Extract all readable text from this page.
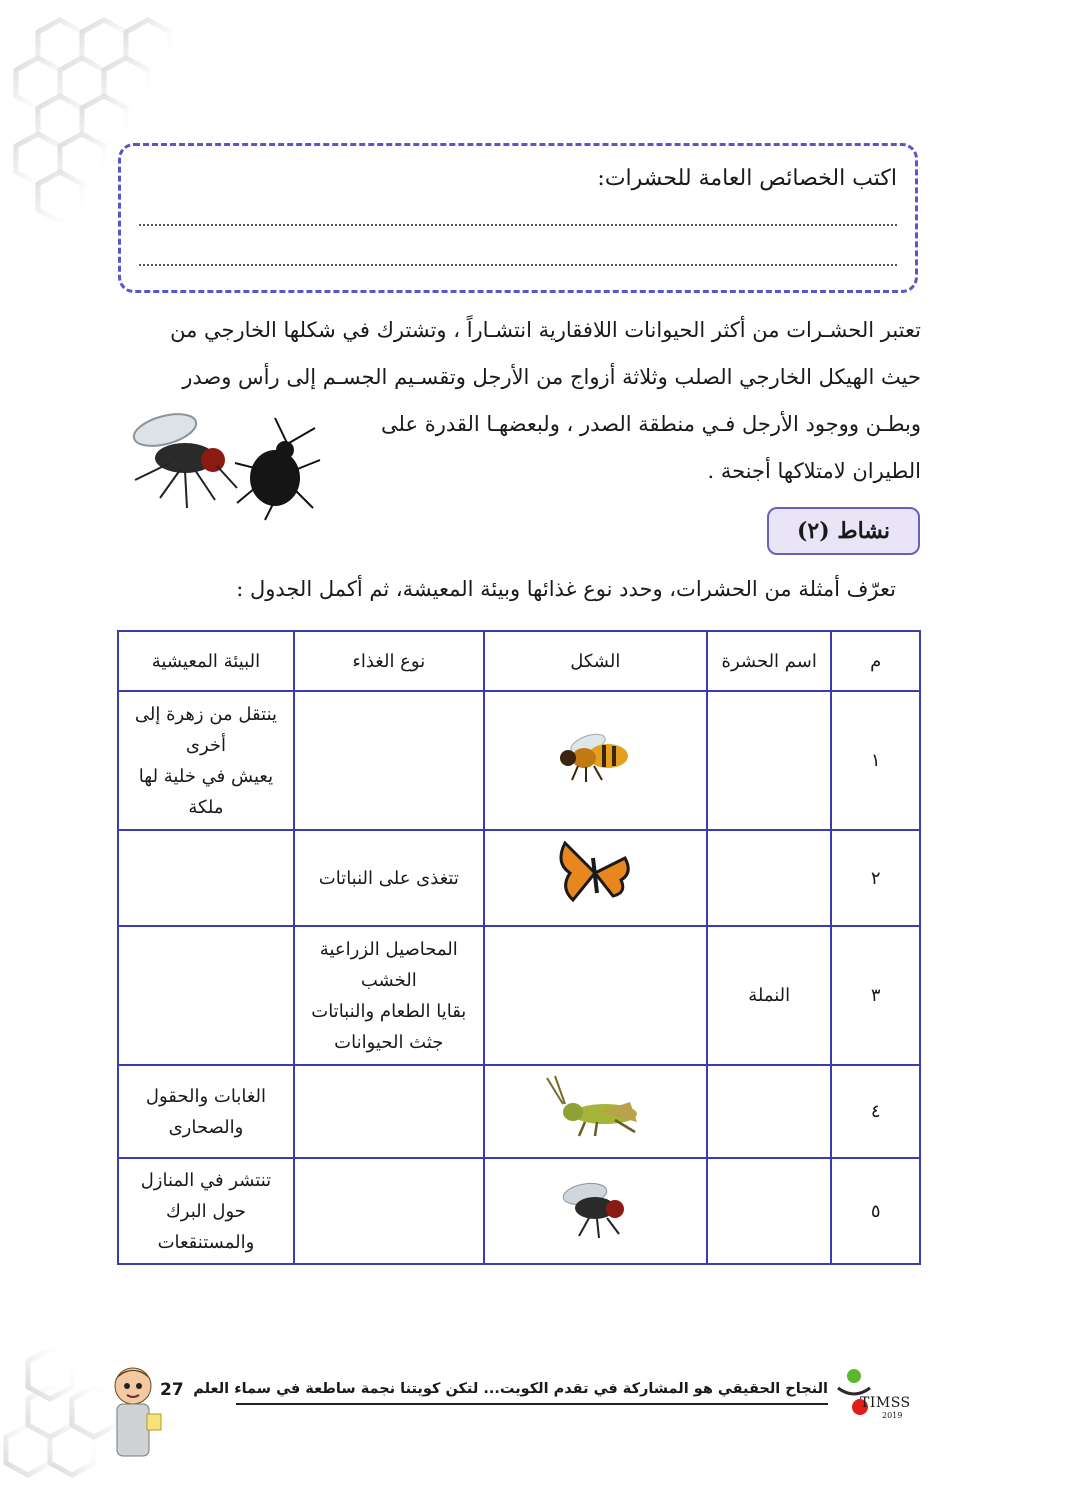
اكتب الخصائص العامة للحشرات:
تعتبر الحشـرات من أكثر الحيوانات اللافقارية انتشـاراً ، وتشترك في شكلها الخارجي من
حيث الهيكل الخارجي الصلب وثلاثة أزواج من الأرجل وتقسـيم الجسـم إلى رأس وصدر
وبطـن ووجود الأرجل فـي منطقة الصدر ، ولبعضهـا القدرة على
الطيران لامتلاكها أجنحة .
نشاط (٢)
تعرّف أمثلة من الحشرات، وحدد نوع غذائها وبيئة المعيشة، ثم أكمل الجدول :
م	اسم الحشرة	الشكل	نوع الغذاء	البيئة المعيشية
١				ينتقل من زهرة إلى
أخرى
يعيش في خلية لها
ملكة

٢			تتغذى على النباتات	

٣	النملة		المحاصيل الزراعية
الخشب
بقايا الطعام والنباتات
جثث الحيوانات	

٤				الغابات والحقول
والصحارى

٥				تنتشر في المنازل
حول البرك
والمستنقعات
27 النجاح الحقيقي هو المشاركة في تقدم الكويت... لتكن كويتنا نجمة ساطعة في سماء العلم
TIMSS
2019
